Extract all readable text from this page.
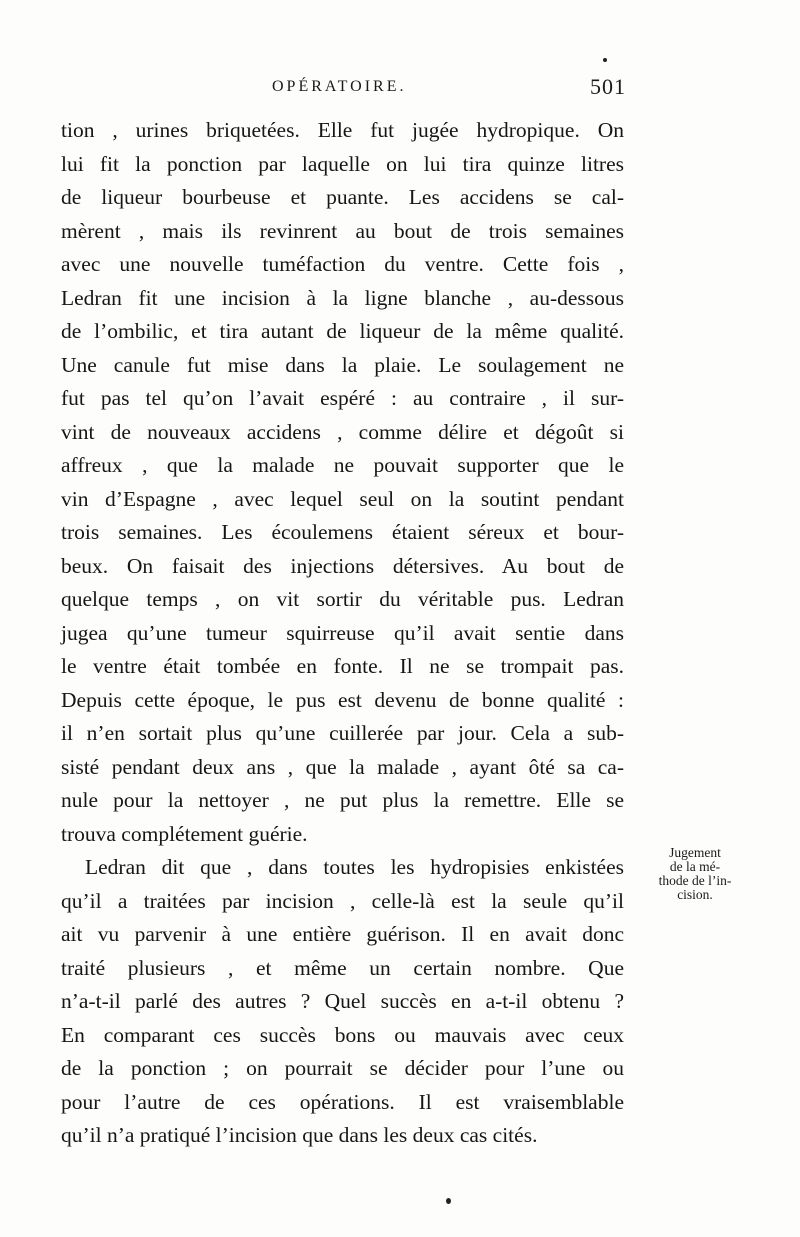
OPÉRATOIRE.	501
tion , urines briquetées. Elle fut jugée hydropique. On
lui fit la ponction par laquelle on lui tira quinze litres
de liqueur bourbeuse et puante. Les accidens se cal-
mèrent , mais ils revinrent au bout de trois semaines
avec une nouvelle tuméfaction du ventre. Cette fois ,
Ledran fit une incision à la ligne blanche , au-dessous
de l’ombilic, et tira autant de liqueur de la même qualité.
Une canule fut mise dans la plaie. Le soulagement ne
fut pas tel qu’on l’avait espéré : au contraire , il sur-
vint de nouveaux accidens , comme délire et dégoût si
affreux , que la malade ne pouvait supporter que le
vin d’Espagne , avec lequel seul on la soutint pendant
trois semaines. Les écoulemens étaient séreux et bour-
beux. On faisait des injections détersives. Au bout de
quelque temps , on vit sortir du véritable pus. Ledran
jugea qu’une tumeur squirreuse qu’il avait sentie dans
le ventre était tombée en fonte. Il ne se trompait pas.
Depuis cette époque, le pus est devenu de bonne qualité :
il n’en sortait plus qu’une cuillerée par jour. Cela a sub-
sisté pendant deux ans , que la malade , ayant ôté sa ca-
nule pour la nettoyer , ne put plus la remettre. Elle se
trouva complétement guérie.
Ledran dit que , dans toutes les hydropisies enkistées
qu’il a traitées par incision , celle-là est la seule qu’il
ait vu parvenir à une entière guérison. Il en avait donc
traité plusieurs , et même un certain nombre. Que
n’a-t-il parlé des autres ? Quel succès en a-t-il obtenu ?
En comparant ces succès bons ou mauvais avec ceux
de la ponction ; on pourrait se décider pour l’une ou
pour l’autre de ces opérations. Il est vraisemblable
qu’il n’a pratiqué l’incision que dans les deux cas cités.
Jugement
de la mé-
thode de l’in-
cision.
